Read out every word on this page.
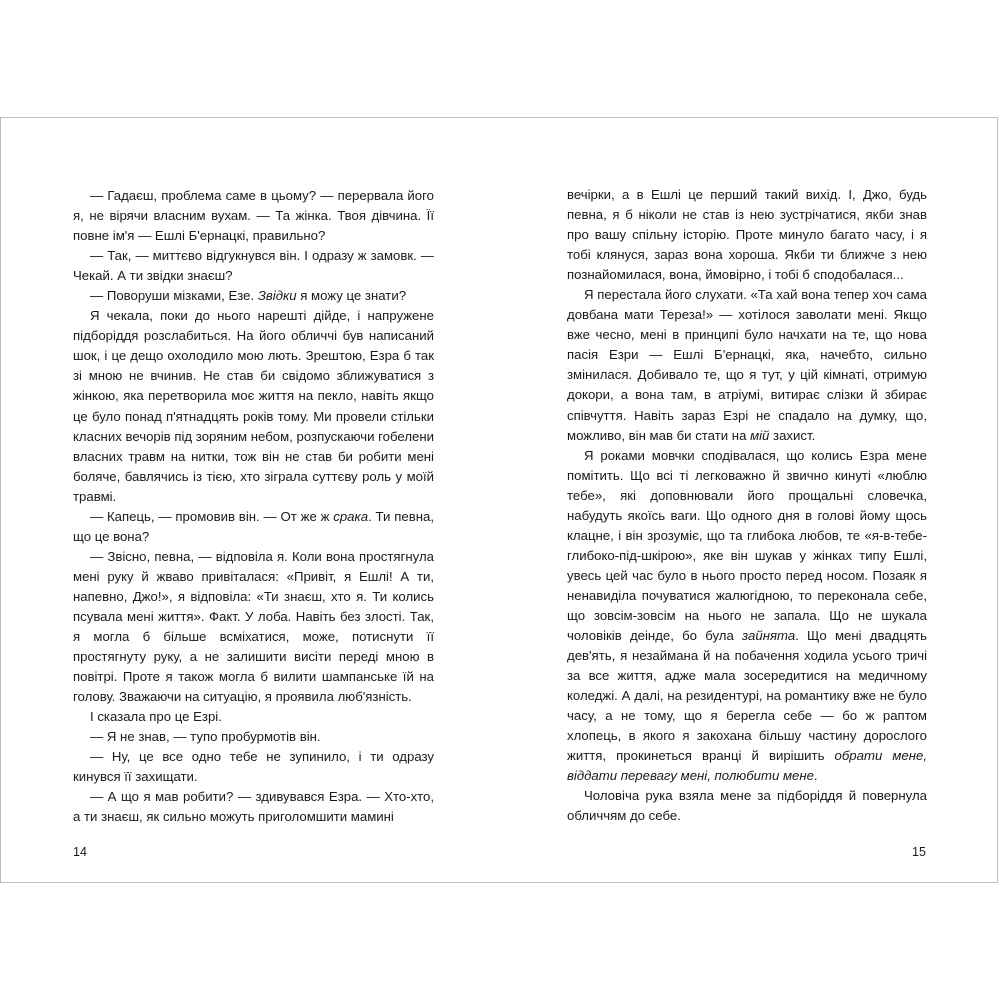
— Гадаєш, проблема саме в цьому? — перервала його я, не вірячи власним вухам. — Та жінка. Твоя дівчина. Її повне ім'я — Ешлі Б'ернацкі, правильно?

— Так, — миттєво відгукнувся він. І одразу ж замовк. — Чекай. А ти звідки знаєш?

— Поворуши мізками, Езе. Звідки я можу це знати?

Я чекала, поки до нього нарешті дійде, і напружене підборіддя розслабиться. На його обличчі був написаний шок, і це дещо охолодило мою лють. Зрештою, Езра б так зі мною не вчинив. Не став би свідомо зближуватися з жінкою, яка перетворила моє життя на пекло, навіть якщо це було понад п'ятнадцять років тому. Ми провели стільки класних вечорів під зоряним небом, розпускаючи гобелени власних травм на нитки, тож він не став би робити мені боляче, бавлячись із тією, хто зіграла суттєву роль у моїй травмі.

— Капець, — промовив він. — От же ж срака. Ти певна, що це вона?

— Звісно, певна, — відповіла я. Коли вона простягнула мені руку й жваво привіталася: «Привіт, я Ешлі! А ти, напевно, Джо!», я відповіла: «Ти знаєш, хто я. Ти колись псувала мені життя». Факт. У лоба. Навіть без злості. Так, я могла б більше всміхатися, може, потиснути її простягнуту руку, а не залишити висіти переді мною в повітрі. Проте я також могла б вилити шампанське їй на голову. Зважаючи на ситуацію, я проявила люб'язність.

І сказала про це Езрі.

— Я не знав, — тупо пробурмотів він.

— Ну, це все одно тебе не зупинило, і ти одразу кинувся її захищати.

— А що я мав робити? — здивувався Езра. — Хто-хто, а ти знаєш, як сильно можуть приголомшити мамині

14

вечірки, а в Ешлі це перший такий вихід. І, Джо, будь певна, я б ніколи не став із нею зустрічатися, якби знав про вашу спільну історію. Проте минуло багато часу, і я тобі клянуся, зараз вона хороша. Якби ти ближче з нею познайомилася, вона, ймовірно, і тобі б сподобалася...

Я перестала його слухати. «Та хай вона тепер хоч сама довбана мати Тереза!» — хотілося заволати мені. Якщо вже чесно, мені в принципі було начхати на те, що нова пасія Езри — Ешлі Б'ернацкі, яка, начебто, сильно змінилася. Добивало те, що я тут, у цій кімнаті, отримую докори, а вона там, в атріумі, витирає слізки й збирає співчуття. Навіть зараз Езрі не спадало на думку, що, можливо, він мав би стати на мій захист.

Я роками мовчки сподівалася, що колись Езра мене помітить. Що всі ті легковажно й звично кинуті «люблю тебе», які доповнювали його прощальні словечка, набудуть якоїсь ваги. Що одного дня в голові йому щось клацне, і він зрозуміє, що та глибока любов, те «я-в-тебе-глибоко-під-шкірою», яке він шукав у жінках типу Ешлі, увесь цей час було в нього просто перед носом. Позаяк я ненавиділа почуватися жалюгідною, то переконала себе, що зовсім-зовсім на нього не запала. Що не шукала чоловіків деінде, бо була зайнята. Що мені двадцять дев'ять, я незаймана й на побачення ходила усього тричі за все життя, адже мала зосередитися на медичному коледжі. А далі, на резидентурі, на романтику вже не було часу, а не тому, що я берегла себе — бо ж раптом хлопець, в якого я закохана більшу частину дорослого життя, прокинеться вранці й вирішить обрати мене, віддати перевагу мені, полюбити мене.

Чоловіча рука взяла мене за підборіддя й повернула обличчям до себе.

15
